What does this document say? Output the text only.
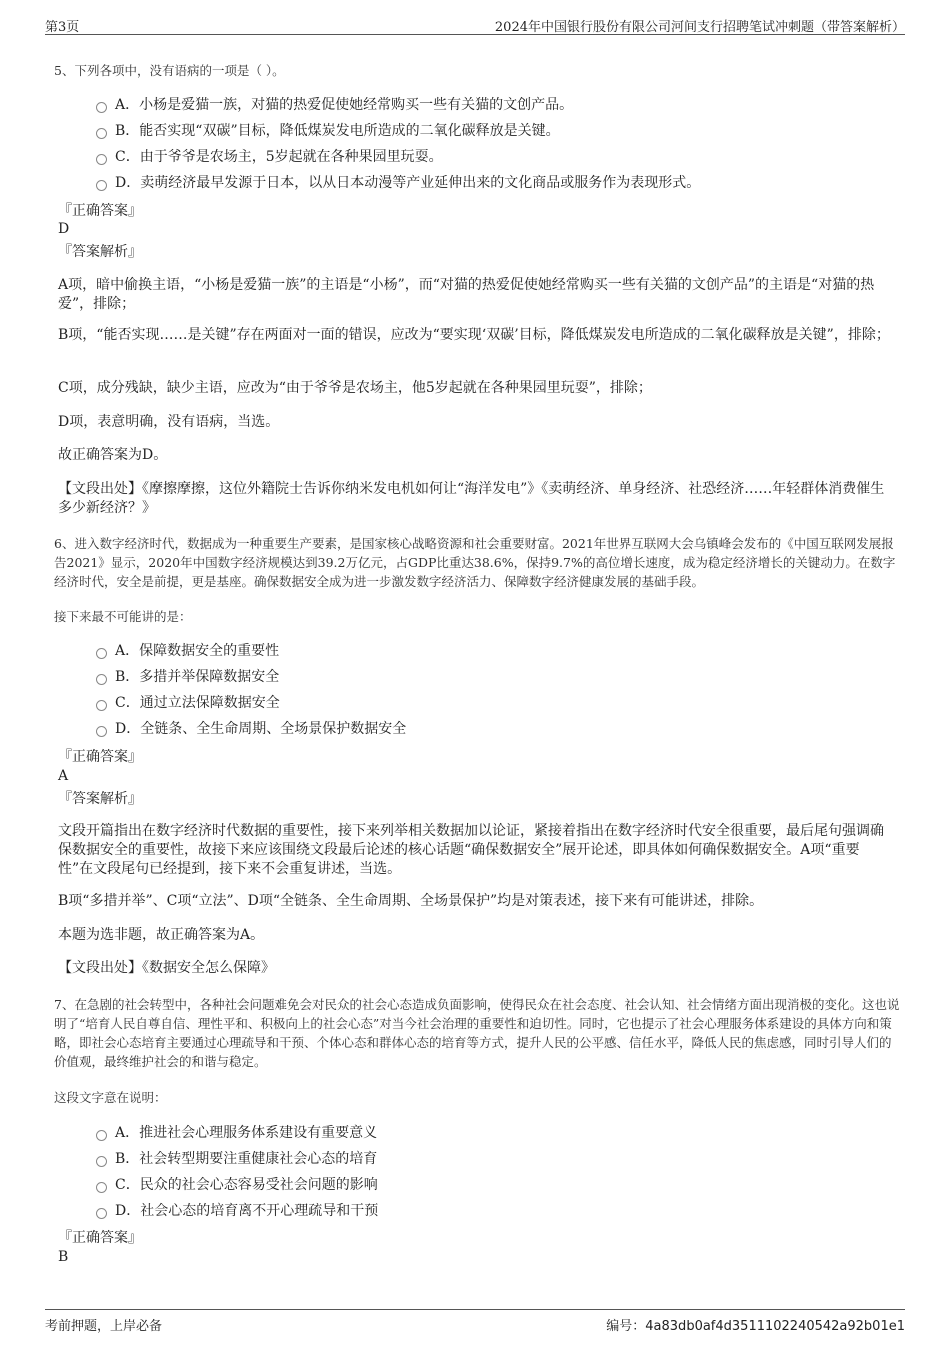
第3页	2024年中国银行股份有限公司河间支行招聘笔试冲刺题（带答案解析）
5、下列各项中，没有语病的一项是（ ）。
A．小杨是爱猫一族，对猫的热爱促使她经常购买一些有关猫的文创产品。
B．能否实现“双碳”目标，降低煤炭发电所造成的二氧化碳释放是关键。
C．由于爷爷是农场主，5岁起就在各种果园里玩耍。
D．卖萌经济最早发源于日本，以从日本动漫等产业延伸出来的文化商品或服务作为表现形式。
『正确答案』
D
『答案解析』
A项，暗中偷换主语，“小杨是爱猫一族”的主语是“小杨”，而“对猫的热爱促使她经常购买一些有关猫的文创产品”的主语是“对猫的热爱”，排除；
B项，“能否实现……是关键”存在两面对一面的错误，应改为“要实现‘双碳’目标，降低煤炭发电所造成的二氧化碳释放是关键”，排除；
C项，成分残缺，缺少主语，应改为“由于爷爷是农场主，他5岁起就在各种果园里玩耍”，排除；
D项，表意明确，没有语病，当选。
故正确答案为D。
【文段出处】《摩擦摩擦，这位外籍院士告诉你纳米发电机如何让“海洋发电”》《卖萌经济、单身经济、社恐经济……年轻群体消费催生多少新经济？》
6、进入数字经济时代，数据成为一种重要生产要素，是国家核心战略资源和社会重要财富。2021年世界互联网大会乌镇峰会发布的《中国互联网发展报告2021》显示，2020年中国数字经济规模达到39.2万亿元，占GDP比重达38.6%，保持9.7%的高位增长速度，成为稳定经济增长的关键动力。在数字经济时代，安全是前提，更是基座。确保数据安全成为进一步激发数字经济活力、保障数字经济健康发展的基础手段。
接下来最不可能讲的是：
A．保障数据安全的重要性
B．多措并举保障数据安全
C．通过立法保障数据安全
D．全链条、全生命周期、全场景保护数据安全
『正确答案』
A
『答案解析』
文段开篇指出在数字经济时代数据的重要性，接下来列举相关数据加以论证，紧接着指出在数字经济时代安全很重要，最后尾句强调确保数据安全的重要性，故接下来应该围绕文段最后论述的核心话题“确保数据安全”展开论述，即具体如何确保数据安全。A项“重要性”在文段尾句已经提到，接下来不会重复讲述，当选。
B项“多措并举”、C项“立法”、D项“全链条、全生命周期、全场景保护”均是对策表述，接下来有可能讲述，排除。
本题为选非题，故正确答案为A。
【文段出处】《数据安全怎么保障》
7、在急剧的社会转型中，各种社会问题难免会对民众的社会心态造成负面影响，使得民众在社会态度、社会认知、社会情绪方面出现消极的变化。这也说明了“培育人民自尊自信、理性平和、积极向上的社会心态”对当今社会治理的重要性和迫切性。同时，它也提示了社会心理服务体系建设的具体方向和策略，即社会心态培育主要通过心理疏导和干预、个体心态和群体心态的培育等方式，提升人民的公平感、信任水平，降低人民的焦虑感，同时引导人们的价值观，最终维护社会的和谐与稳定。
这段文字意在说明：
A．推进社会心理服务体系建设有重要意义
B．社会转型期要注重健康社会心态的培育
C．民众的社会心态容易受社会问题的影响
D．社会心态的培育离不开心理疏导和干预
『正确答案』
B
考前押题，上岸必备	编号：4a83db0af4d3511102240542a92b01e1
